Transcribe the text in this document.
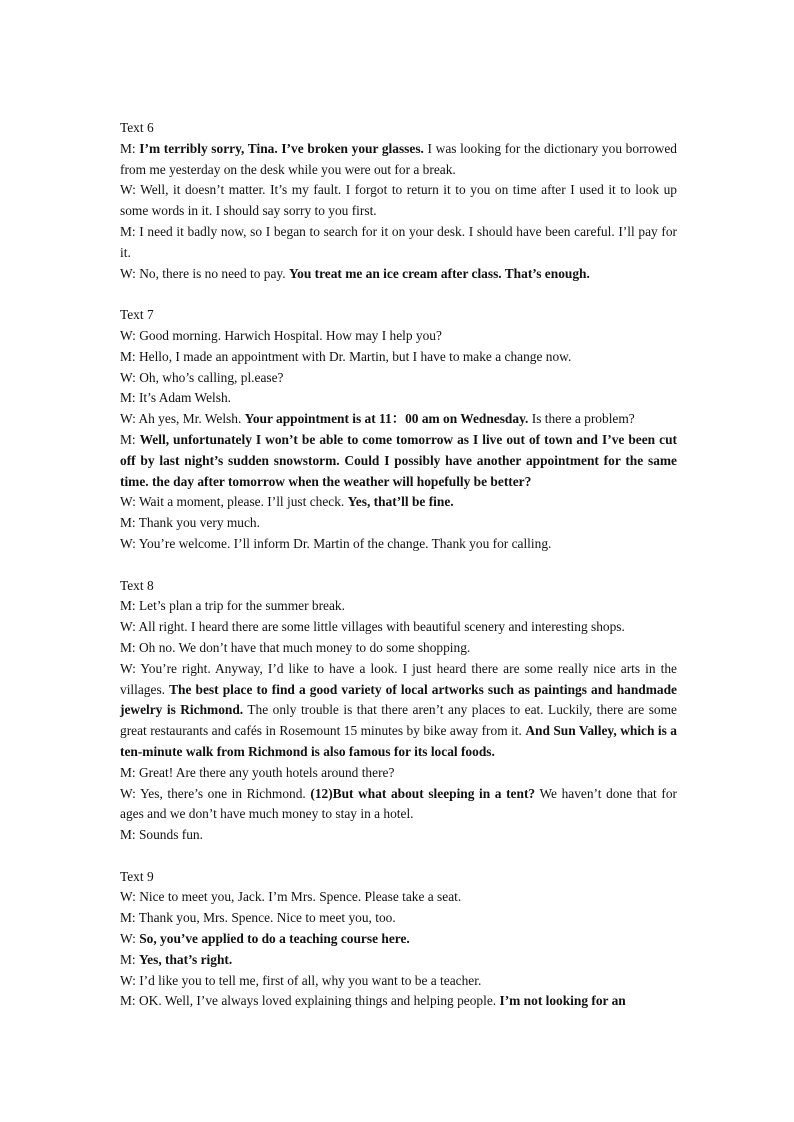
Text 6

M: I’m terribly sorry, Tina. I’ve broken your glasses. I was looking for the dictionary you borrowed from me yesterday on the desk while you were out for a break.

W: Well, it doesn’t matter. It’s my fault. I forgot to return it to you on time after I used it to look up some words in it. I should say sorry to you first.

M: I need it badly now, so I began to search for it on your desk. I should have been careful. I’ll pay for it.

W: No, there is no need to pay. You treat me an ice cream after class. That’s enough.

Text 7

W: Good morning. Harwich Hospital. How may I help you?

M: Hello, I made an appointment with Dr. Martin, but I have to make a change now.

W: Oh, who’s calling, pl.ease?

M: It’s Adam Welsh.

W: Ah yes, Mr. Welsh. Your appointment is at 11：00 am on Wednesday. Is there a problem?

M: Well, unfortunately I won’t be able to come tomorrow as I live out of town and I’ve been cut off by last night’s sudden snowstorm. Could I possibly have another appointment for the same time. the day after tomorrow when the weather will hopefully be better?

W: Wait a moment, please. I’ll just check. Yes, that’ll be fine.

M: Thank you very much.

W: You’re welcome. I’ll inform Dr. Martin of the change. Thank you for calling.

Text 8

M: Let’s plan a trip for the summer break.

W: All right. I heard there are some little villages with beautiful scenery and interesting shops.

M: Oh no. We don’t have that much money to do some shopping.

W: You’re right. Anyway, I’d like to have a look. I just heard there are some really nice arts in the villages. The best place to find a good variety of local artworks such as paintings and handmade jewelry is Richmond. The only trouble is that there aren’t any places to eat. Luckily, there are some great restaurants and cafés in Rosemount 15 minutes by bike away from it. And Sun Valley, which is a ten-minute walk from Richmond is also famous for its local foods.

M: Great! Are there any youth hotels around there?

W: Yes, there’s one in Richmond. (12)But what about sleeping in a tent? We haven’t done that for ages and we don’t have much money to stay in a hotel.

M: Sounds fun.

Text 9

W: Nice to meet you, Jack. I’m Mrs. Spence. Please take a seat.

M: Thank you, Mrs. Spence. Nice to meet you, too.

W: So, you’ve applied to do a teaching course here.

M: Yes, that’s right.

W: I’d like you to tell me, first of all, why you want to be a teacher.

M: OK. Well, I’ve always loved explaining things and helping people. I’m not looking for an
